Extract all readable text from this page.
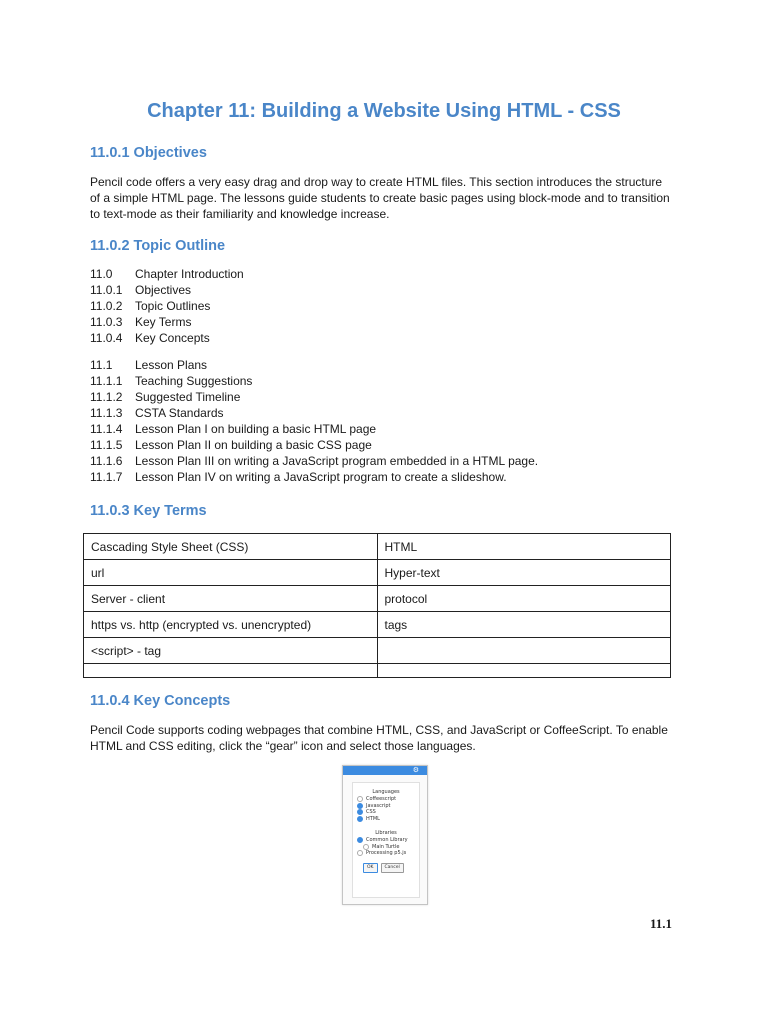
Chapter 11: Building a Website Using HTML - CSS
11.0.1 Objectives

Pencil code offers a very easy drag and drop way to create HTML files. This section introduces the structure of a simple HTML page. The lessons guide students to create basic pages using block-mode and to transition to text-mode as their familiarity and knowledge increase.

11.0.2 Topic Outline
11.0	Chapter Introduction
11.0.1	Objectives
11.0.2	Topic Outlines
11.0.3	Key Terms
11.0.4	Key Concepts
11.1	Lesson Plans
11.1.1	Teaching Suggestions
11.1.2	Suggested Timeline
11.1.3	CSTA Standards
11.1.4	Lesson Plan I on building a basic HTML page
11.1.5	Lesson Plan II on building a basic CSS page
11.1.6	Lesson Plan III on writing a JavaScript program embedded in a HTML page.
11.1.7	Lesson Plan IV on writing a JavaScript program to create a slideshow.
11.0.3 Key Terms
Cascading Style Sheet (CSS)	HTML
url	Hyper-text
Server - client	protocol
https vs. http (encrypted vs. unencrypted)	tags
<script> - tag	

11.0.4 Key Concepts

Pencil Code supports coding webpages that combine HTML, CSS, and JavaScript or CoffeeScript. To enable HTML and CSS editing, click the “gear” icon and select those languages.

⚙
Languages
Coffeescript
Javascript
CSS
HTML
Libraries
Common Library
Main Turtle
Processing p5.js
OK	Cancel
11.1
